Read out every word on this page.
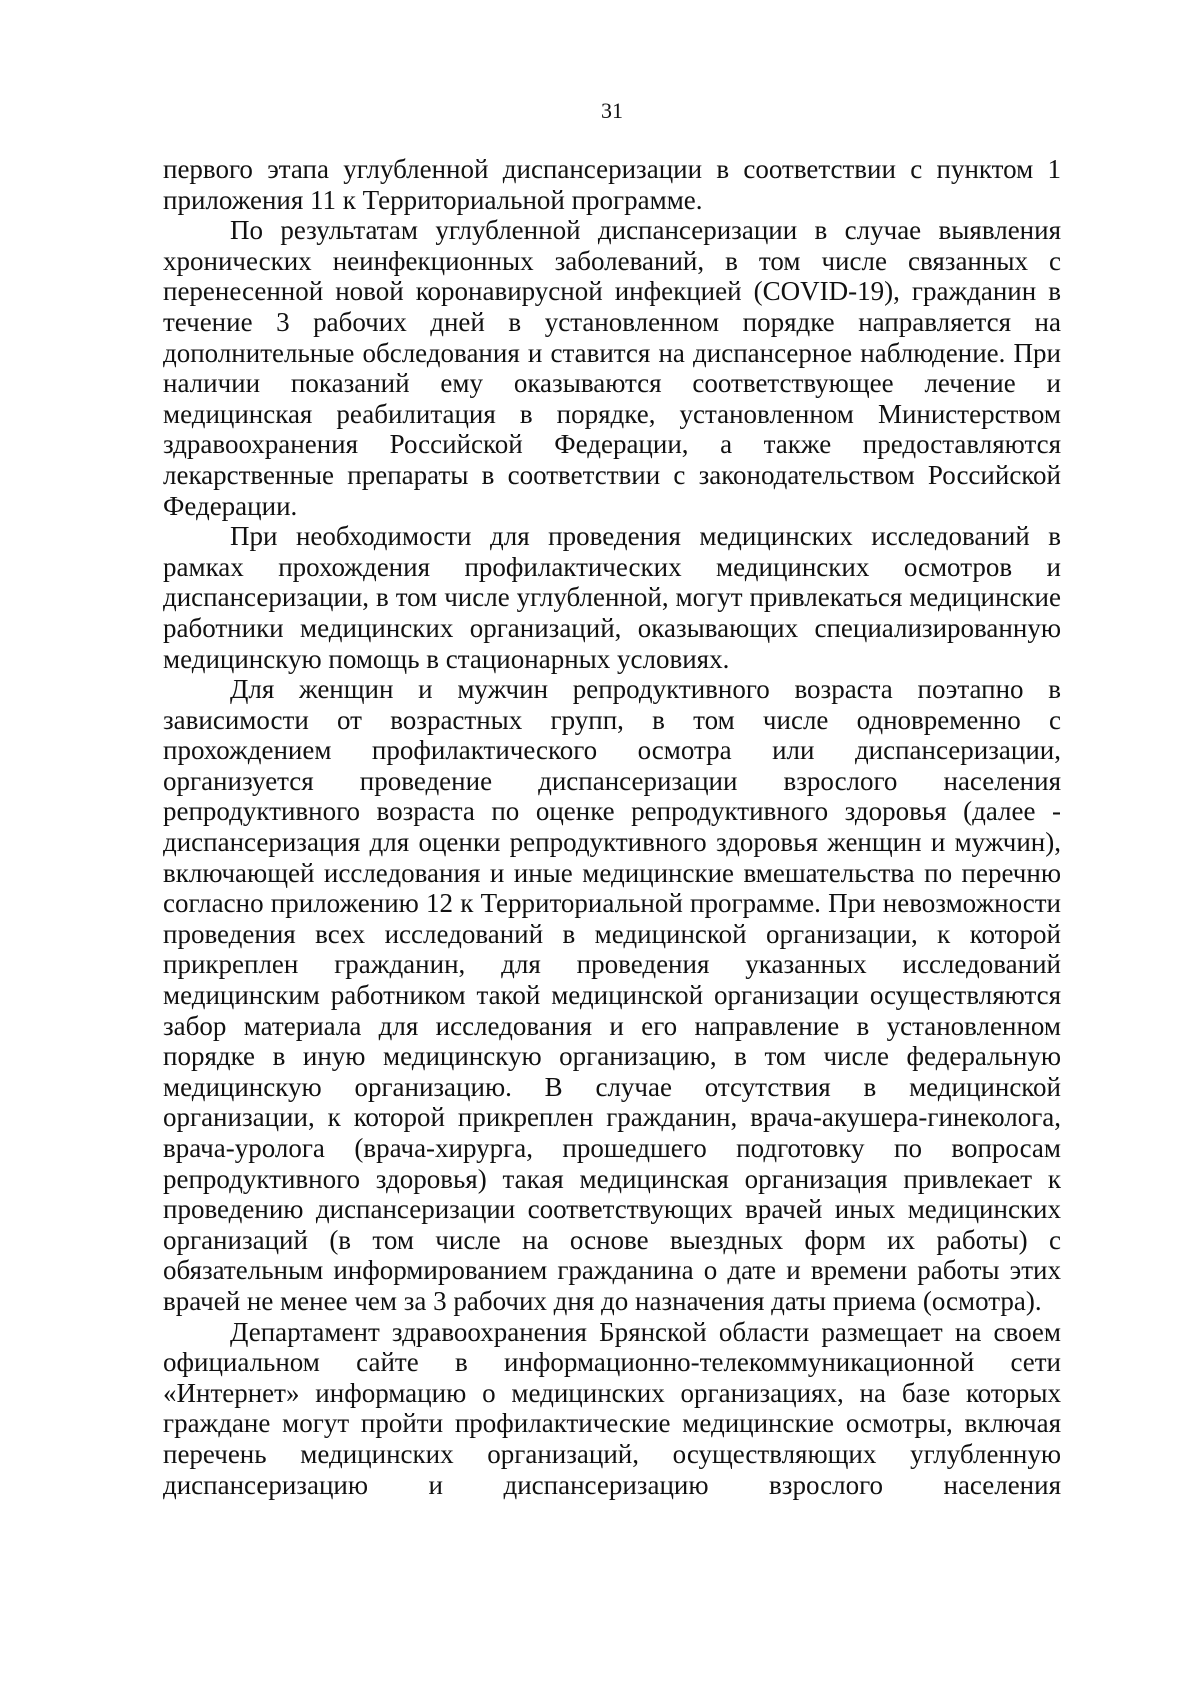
31

первого этапа углубленной диспансеризации в соответствии с пунктом 1 приложения 11 к Территориальной программе.

По результатам углубленной диспансеризации в случае выявления хронических неинфекционных заболеваний, в том числе связанных с перенесенной новой коронавирусной инфекцией (COVID-19), гражданин в течение 3 рабочих дней в установленном порядке направляется на дополнительные обследования и ставится на диспансерное наблюдение. При наличии показаний ему оказываются соответствующее лечение и медицинская реабилитация в порядке, установленном Министерством здравоохранения Российской Федерации, а также предоставляются лекарственные препараты в соответствии с законодательством Российской Федерации.

При необходимости для проведения медицинских исследований в рамках прохождения профилактических медицинских осмотров и диспансеризации, в том числе углубленной, могут привлекаться медицинские работники медицинских организаций, оказывающих специализированную медицинскую помощь в стационарных условиях.

Для женщин и мужчин репродуктивного возраста поэтапно в зависимости от возрастных групп, в том числе одновременно с прохождением профилактического осмотра или диспансеризации, организуется проведение диспансеризации взрослого населения репродуктивного возраста по оценке репродуктивного здоровья (далее - диспансеризация для оценки репродуктивного здоровья женщин и мужчин), включающей исследования и иные медицинские вмешательства по перечню согласно приложению 12 к Территориальной программе. При невозможности проведения всех исследований в медицинской организации, к которой прикреплен гражданин, для проведения указанных исследований медицинским работником такой медицинской организации осуществляются забор материала для исследования и его направление в установленном порядке в иную медицинскую организацию, в том числе федеральную медицинскую организацию. В случае отсутствия в медицинской организации, к которой прикреплен гражданин, врача-акушера-гинеколога, врача-уролога (врача-хирурга, прошедшего подготовку по вопросам репродуктивного здоровья) такая медицинская организация привлекает к проведению диспансеризации соответствующих врачей иных медицинских организаций (в том числе на основе выездных форм их работы) с обязательным информированием гражданина о дате и времени работы этих врачей не менее чем за 3 рабочих дня до назначения даты приема (осмотра).

Департамент здравоохранения Брянской области размещает на своем официальном сайте в информационно-телекоммуникационной сети «Интернет» информацию о медицинских организациях, на базе которых граждане могут пройти профилактические медицинские осмотры, включая перечень медицинских организаций, осуществляющих углубленную диспансеризацию и диспансеризацию взрослого населения
